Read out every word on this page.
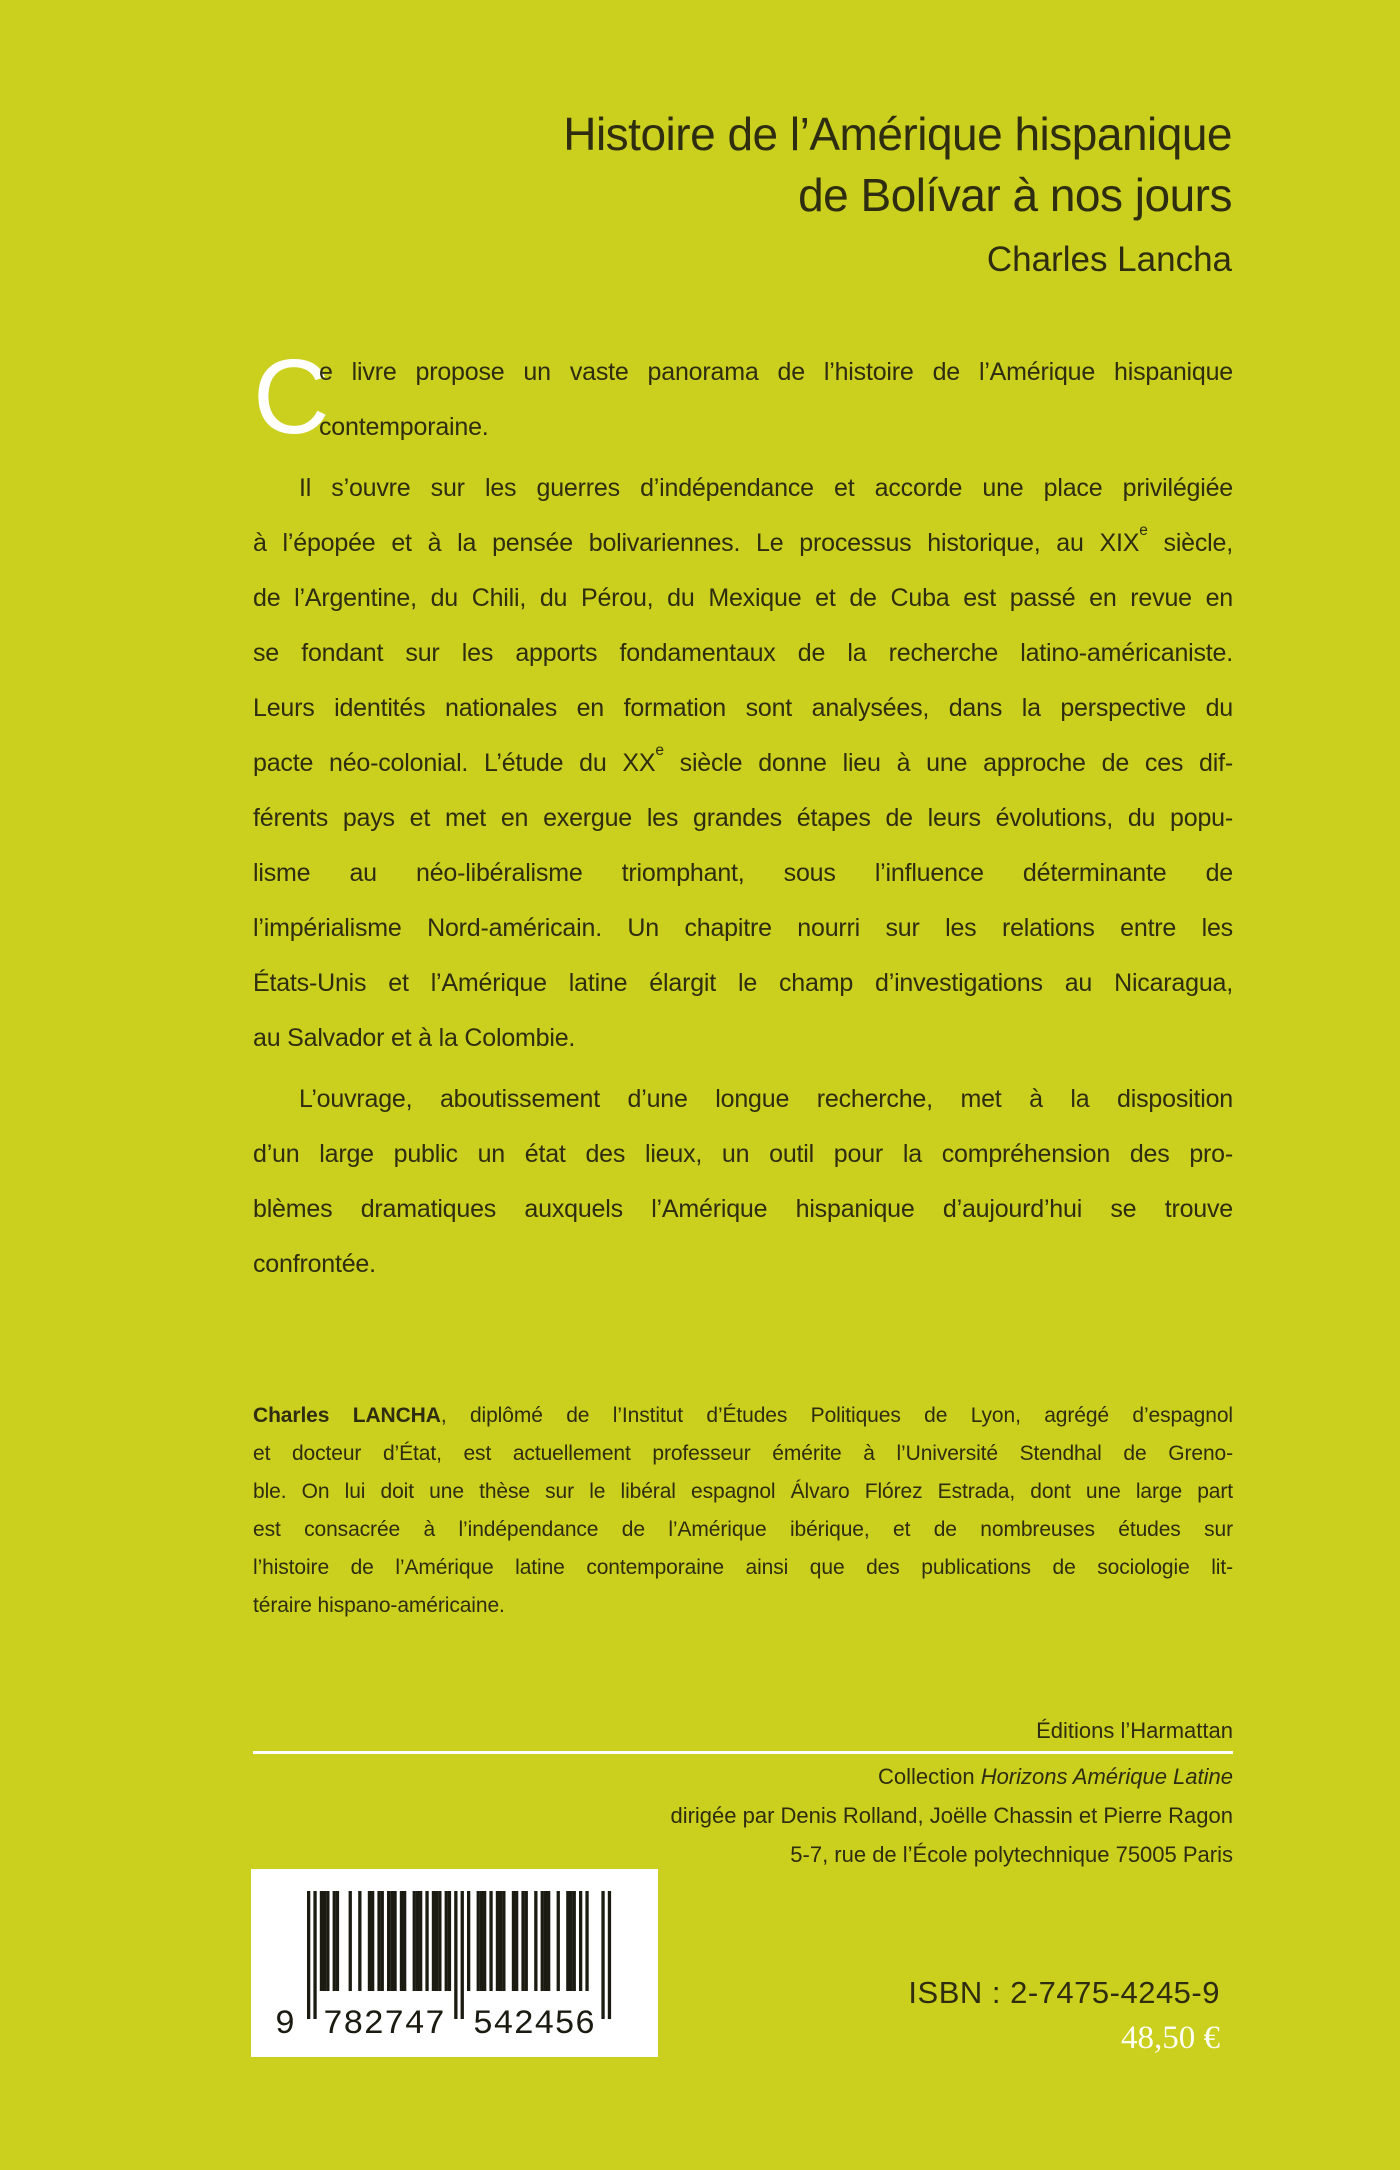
Histoire de l’Amérique hispanique
de Bolívar à nos jours
Charles Lancha
C
e livre propose un vaste panorama de l’histoire de l’Amérique hispanique
contemporaine.
Il s’ouvre sur les guerres d’indépendance et accorde une place privilégiée
à l’épopée et à la pensée bolivariennes. Le processus historique, au XIXe siècle,
de l’Argentine, du Chili, du Pérou, du Mexique et de Cuba est passé en revue en
se fondant sur les apports fondamentaux de la recherche latino-américaniste.
Leurs identités nationales en formation sont analysées, dans la perspective du
pacte néo-colonial. L’étude du XXe siècle donne lieu à une approche de ces dif-
férents pays et met en exergue les grandes étapes de leurs évolutions, du popu-
lisme au néo-libéralisme triomphant, sous l’influence déterminante de
l’impérialisme Nord-américain. Un chapitre nourri sur les relations entre les
États-Unis et l’Amérique latine élargit le champ d’investigations au Nicaragua,
au Salvador et à la Colombie.
L’ouvrage, aboutissement d’une longue recherche, met à la disposition
d’un large public un état des lieux, un outil pour la compréhension des pro-
blèmes dramatiques auxquels l’Amérique hispanique d’aujourd’hui se trouve
confrontée.
Charles LANCHA, diplômé de l’Institut d’Études Politiques de Lyon, agrégé d’espagnol
et docteur d’État, est actuellement professeur émérite à l’Université Stendhal de Greno-
ble. On lui doit une thèse sur le libéral espagnol Álvaro Flórez Estrada, dont une large part
est consacrée à l’indépendance de l’Amérique ibérique, et de nombreuses études sur
l’histoire de l’Amérique latine contemporaine ainsi que des publications de sociologie lit-
téraire hispano-américaine.
Éditions l’Harmattan
Collection Horizons Amérique Latine
dirigée par Denis Rolland, Joëlle Chassin et Pierre Ragon
5-7, rue de l’École polytechnique 75005 Paris
9 782747 542456
ISBN : 2-7475-4245-9
48,50 €
